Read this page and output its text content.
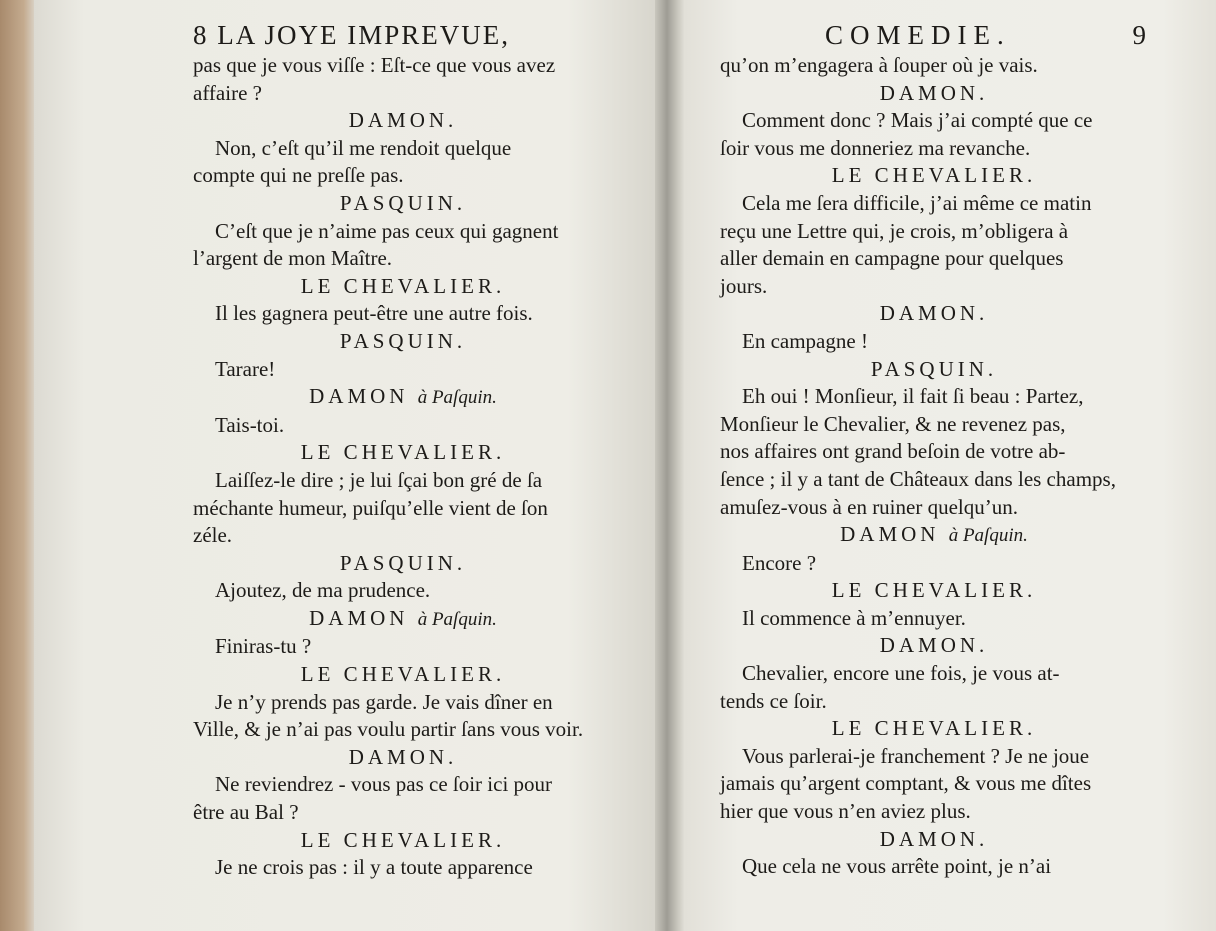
8 LA JOYE IMPREVUE,
pas que je vous viſſe : Eſt-ce que vous avez
affaire ?
DAMON.
Non, c’eſt qu’il me rendoit quelque
compte qui ne preſſe pas.
PASQUIN.
C’eſt que je n’aime pas ceux qui gagnent
l’argent de mon Maître.
LE CHEVALIER.
Il les gagnera peut-être une autre fois.
PASQUIN.
Tarare!
DAMON à Paſquin.
Tais-toi.
LE CHEVALIER.
Laiſſez-le dire ; je lui ſçai bon gré de ſa
méchante humeur, puiſqu’elle vient de ſon
zéle.
PASQUIN.
Ajoutez, de ma prudence.
DAMON à Paſquin.
Finiras-tu ?
LE CHEVALIER.
Je n’y prends pas garde. Je vais dîner en
Ville, & je n’ai pas voulu partir ſans vous voir.
DAMON.
Ne reviendrez - vous pas ce ſoir ici pour
être au Bal ?
LE CHEVALIER.
Je ne crois pas : il y a toute apparence
COMEDIE.	9
qu’on m’engagera à ſouper où je vais.
DAMON.
Comment donc ? Mais j’ai compté que ce
ſoir vous me donneriez ma revanche.
LE CHEVALIER.
Cela me ſera difficile, j’ai même ce matin
reçu une Lettre qui, je crois, m’obligera à
aller demain en campagne pour quelques
jours.
DAMON.
En campagne !
PASQUIN.
Eh oui ! Monſieur, il fait ſi beau : Partez,
Monſieur le Chevalier, & ne revenez pas,
nos affaires ont grand beſoin de votre ab-
ſence ; il y a tant de Châteaux dans les champs,
amuſez-vous à en ruiner quelqu’un.
DAMON à Paſquin.
Encore ?
LE CHEVALIER.
Il commence à m’ennuyer.
DAMON.
Chevalier, encore une fois, je vous at-
tends ce ſoir.
LE CHEVALIER.
Vous parlerai-je franchement ? Je ne joue
jamais qu’argent comptant, & vous me dîtes
hier que vous n’en aviez plus.
DAMON.
Que cela ne vous arrête point, je n’ai
